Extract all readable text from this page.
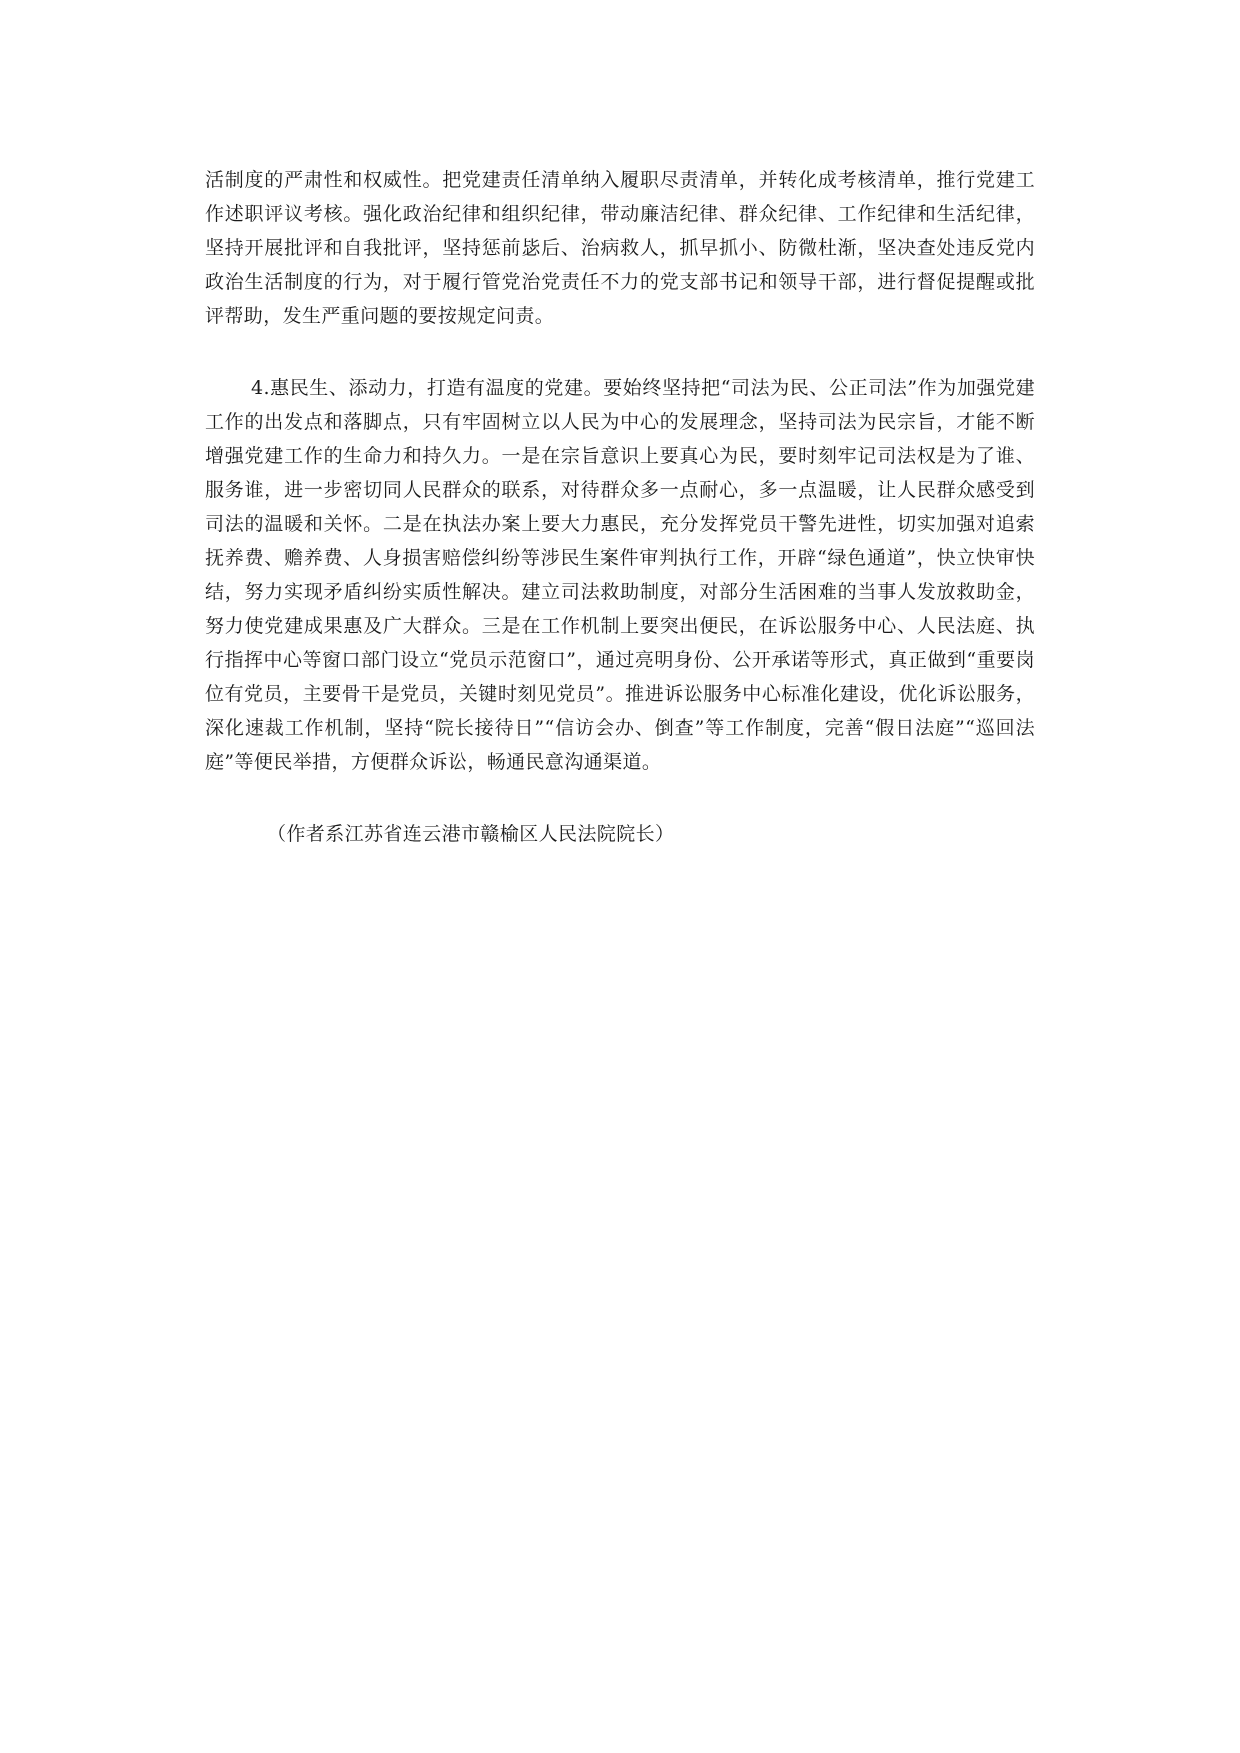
活制度的严肃性和权威性。把党建责任清单纳入履职尽责清单，并转化成考核清单，推行党建工作述职评议考核。强化政治纪律和组织纪律，带动廉洁纪律、群众纪律、工作纪律和生活纪律，坚持开展批评和自我批评，坚持惩前毖后、治病救人，抓早抓小、防微杜渐，坚决查处违反党内政治生活制度的行为，对于履行管党治党责任不力的党支部书记和领导干部，进行督促提醒或批评帮助，发生严重问题的要按规定问责。

4.惠民生、添动力，打造有温度的党建。要始终坚持把“司法为民、公正司法”作为加强党建工作的出发点和落脚点，只有牢固树立以人民为中心的发展理念，坚持司法为民宗旨，才能不断增强党建工作的生命力和持久力。一是在宗旨意识上要真心为民，要时刻牢记司法权是为了谁、服务谁，进一步密切同人民群众的联系，对待群众多一点耐心，多一点温暖，让人民群众感受到司法的温暖和关怀。二是在执法办案上要大力惠民，充分发挥党员干警先进性，切实加强对追索抚养费、赡养费、人身损害赔偿纠纷等涉民生案件审判执行工作，开辟“绿色通道”，快立快审快结，努力实现矛盾纠纷实质性解决。建立司法救助制度，对部分生活困难的当事人发放救助金，努力使党建成果惠及广大群众。三是在工作机制上要突出便民，在诉讼服务中心、人民法庭、执行指挥中心等窗口部门设立“党员示范窗口”，通过亮明身份、公开承诺等形式，真正做到“重要岗位有党员，主要骨干是党员，关键时刻见党员”。推进诉讼服务中心标准化建设，优化诉讼服务，深化速裁工作机制，坚持“院长接待日”“信访会办、倒查”等工作制度，完善“假日法庭”“巡回法庭”等便民举措，方便群众诉讼，畅通民意沟通渠道。

（作者系江苏省连云港市赣榆区人民法院院长）
